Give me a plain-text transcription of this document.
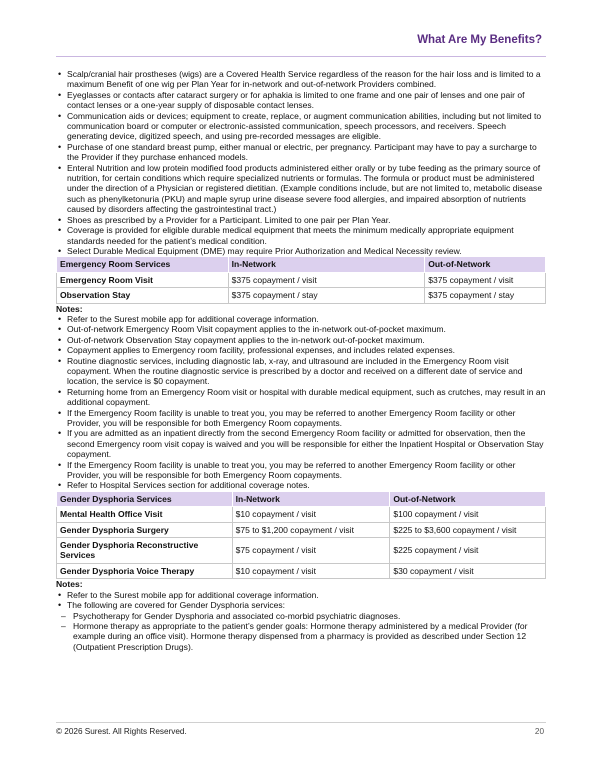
What Are My Benefits?
• Scalp/cranial hair prostheses (wigs) are a Covered Health Service regardless of the reason for the hair loss and is limited to a maximum Benefit of one wig per Plan Year for in-network and out-of-network Providers combined.
• Eyeglasses or contacts after cataract surgery or for aphakia is limited to one frame and one pair of lenses and one pair of contact lenses or a one-year supply of disposable contact lenses.
• Communication aids or devices; equipment to create, replace, or augment communication abilities, including but not limited to communication board or computer or electronic-assisted communication, speech processors, and receivers. Speech generating device, digitized speech, and using pre-recorded messages are eligible.
• Purchase of one standard breast pump, either manual or electric, per pregnancy. Participant may have to pay a surcharge to the Provider if they purchase enhanced models.
• Enteral Nutrition and low protein modified food products administered either orally or by tube feeding as the primary source of nutrition, for certain conditions which require specialized nutrients or formulas. The formula or product must be administered under the direction of a Physician or registered dietitian. (Example conditions include, but are not limited to, metabolic disease such as phenylketonuria (PKU) and maple syrup urine disease severe food allergies, and impaired absorption of nutrients caused by disorders affecting the gastrointestinal tract.)
• Shoes as prescribed by a Provider for a Participant. Limited to one pair per Plan Year.
• Coverage is provided for eligible durable medical equipment that meets the minimum medically appropriate equipment standards needed for the patient’s medical condition.
• Select Durable Medical Equipment (DME) may require Prior Authorization and Medical Necessity review.
Emergency Room Services	In-Network	Out-of-Network
Emergency Room Visit	$375 copayment / visit	$375 copayment / visit
Observation Stay	$375 copayment / stay	$375 copayment / stay
Notes:
• Refer to the Surest mobile app for additional coverage information.
• Out-of-network Emergency Room Visit copayment applies to the in-network out-of-pocket maximum.
• Out-of-network Observation Stay copayment applies to the in-network out-of-pocket maximum.
• Copayment applies to Emergency room facility, professional expenses, and includes related expenses.
• Routine diagnostic services, including diagnostic lab, x-ray, and ultrasound are included in the Emergency Room visit copayment. When the routine diagnostic service is prescribed by a doctor and received on a different date of service and location, the service is $0 copayment.
• Returning home from an Emergency Room visit or hospital with durable medical equipment, such as crutches, may result in an additional copayment.
• If the Emergency Room facility is unable to treat you, you may be referred to another Emergency Room facility or other Provider, you will be responsible for both Emergency Room copayments.
• If you are admitted as an inpatient directly from the second Emergency Room facility or admitted for observation, then the second Emergency room visit copay is waived and you will be responsible for either the Inpatient Hospital or Observation Stay copayment.
• If the Emergency Room facility is unable to treat you, you may be referred to another Emergency Room facility or other Provider, you will be responsible for both Emergency Room copayments.
• Refer to Hospital Services section for additional coverage notes.
Gender Dysphoria Services	In-Network	Out-of-Network
Mental Health Office Visit	$10 copayment / visit	$100 copayment / visit
Gender Dysphoria Surgery	$75 to $1,200 copayment / visit	$225 to $3,600 copayment / visit
Gender Dysphoria Reconstructive Services	$75 copayment / visit	$225 copayment / visit
Gender Dysphoria Voice Therapy	$10 copayment / visit	$30 copayment / visit
Notes:
• Refer to the Surest mobile app for additional coverage information.
• The following are covered for Gender Dysphoria services:
– Psychotherapy for Gender Dysphoria and associated co-morbid psychiatric diagnoses.
– Hormone therapy as appropriate to the patient’s gender goals: Hormone therapy administered by a medical Provider (for example during an office visit). Hormone therapy dispensed from a pharmacy is provided as described under Section 12 (Outpatient Prescription Drugs).
© 2026 Surest. All Rights Reserved.	20
